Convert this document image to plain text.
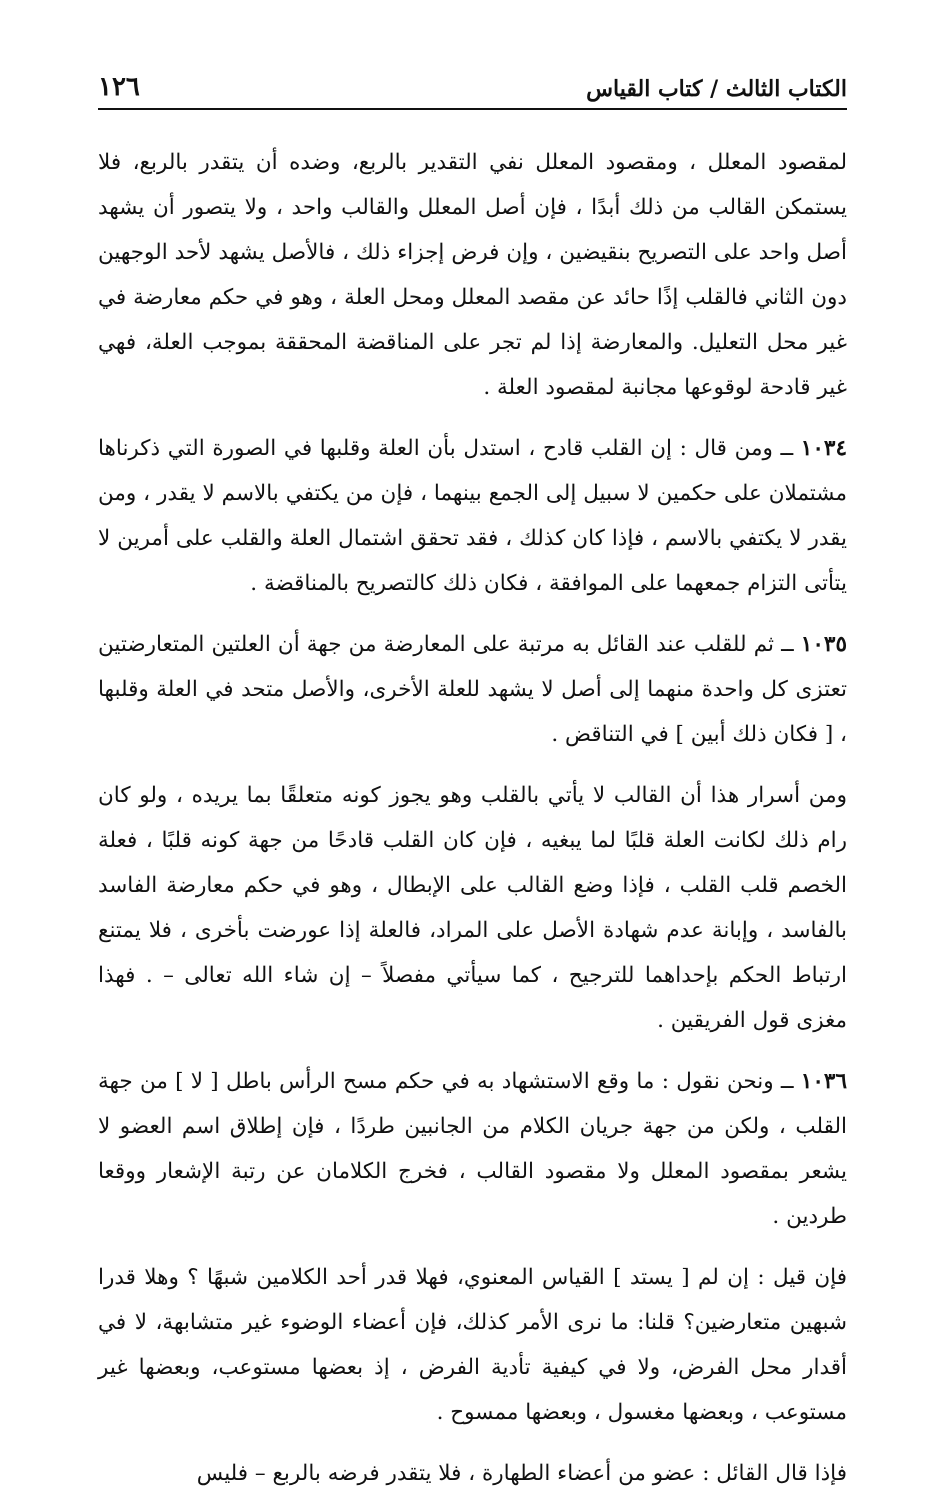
الكتاب الثالث / كتاب القياس
١٢٦

لمقصود المعلل ، ومقصود المعلل نفي التقدير بالربع، وضده أن يتقدر بالربع، فلا يستمكن القالب من ذلك أبدًا ، فإن أصل المعلل والقالب واحد ، ولا يتصور أن يشهد أصل واحد على التصريح بنقيضين ، وإن فرض إجزاء ذلك ، فالأصل يشهد لأحد الوجهين دون الثاني فالقلب إذًا حائد عن مقصد المعلل ومحل العلة ، وهو في حكم معارضة في غير محل التعليل. والمعارضة إذا لم تجر على المناقضة المحققة بموجب العلة، فهي غير قادحة لوقوعها مجانبة لمقصود العلة .

١٠٣٤ ــ ومن قال : إن القلب قادح ، استدل بأن العلة وقلبها في الصورة التي ذكرناها مشتملان على حكمين لا سبيل إلى الجمع بينهما ، فإن من يكتفي بالاسم لا يقدر ، ومن يقدر لا يكتفي بالاسم ، فإذا كان كذلك ، فقد تحقق اشتمال العلة والقلب على أمرين لا يتأتى التزام جمعهما على الموافقة ، فكان ذلك كالتصريح بالمناقضة .

١٠٣٥ ــ ثم للقلب عند القائل به مرتبة على المعارضة من جهة أن العلتين المتعارضتين تعتزى كل واحدة منهما إلى أصل لا يشهد للعلة الأخرى، والأصل متحد في العلة وقلبها ، [ فكان ذلك أبين ] في التناقض .

ومن أسرار هذا أن القالب لا يأتي بالقلب وهو يجوز كونه متعلقًا بما يريده ، ولو كان رام ذلك لكانت العلة قلبًا لما يبغيه ، فإن كان القلب قادحًا من جهة كونه قلبًا ، فعلة الخصم قلب القلب ، فإذا وضع القالب على الإبطال ، وهو في حكم معارضة الفاسد بالفاسد ، وإبانة عدم شهادة الأصل على المراد، فالعلة إذا عورضت بأخرى ، فلا يمتنع ارتباط الحكم بإحداهما للترجيح ، كما سيأتي مفصلاً – إن شاء الله تعالى – . فهذا مغزى قول الفريقين .

١٠٣٦ ــ ونحن نقول : ما وقع الاستشهاد به في حكم مسح الرأس باطل [ لا ] من جهة القلب ، ولكن من جهة جريان الكلام من الجانبين طردًا ، فإن إطلاق اسم العضو لا يشعر بمقصود المعلل ولا مقصود القالب ، فخرج الكلامان عن رتبة الإشعار ووقعا طردين .

فإن قيل : إن لم [ يستد ] القياس المعنوي، فهلا قدر أحد الكلامين شبهًا ؟ وهلا قدرا شبهين متعارضين؟ قلنا: ما نرى الأمر كذلك، فإن أعضاء الوضوء غير متشابهة، لا في أقدار محل الفرض، ولا في كيفية تأدية الفرض ، إذ بعضها مستوعب، وبعضها غير مستوعب ، وبعضها مغسول ، وبعضها ممسوح .

فإذا قال القائل : عضو من أعضاء الطهارة ، فلا يتقدر فرضه بالربع – فليس
